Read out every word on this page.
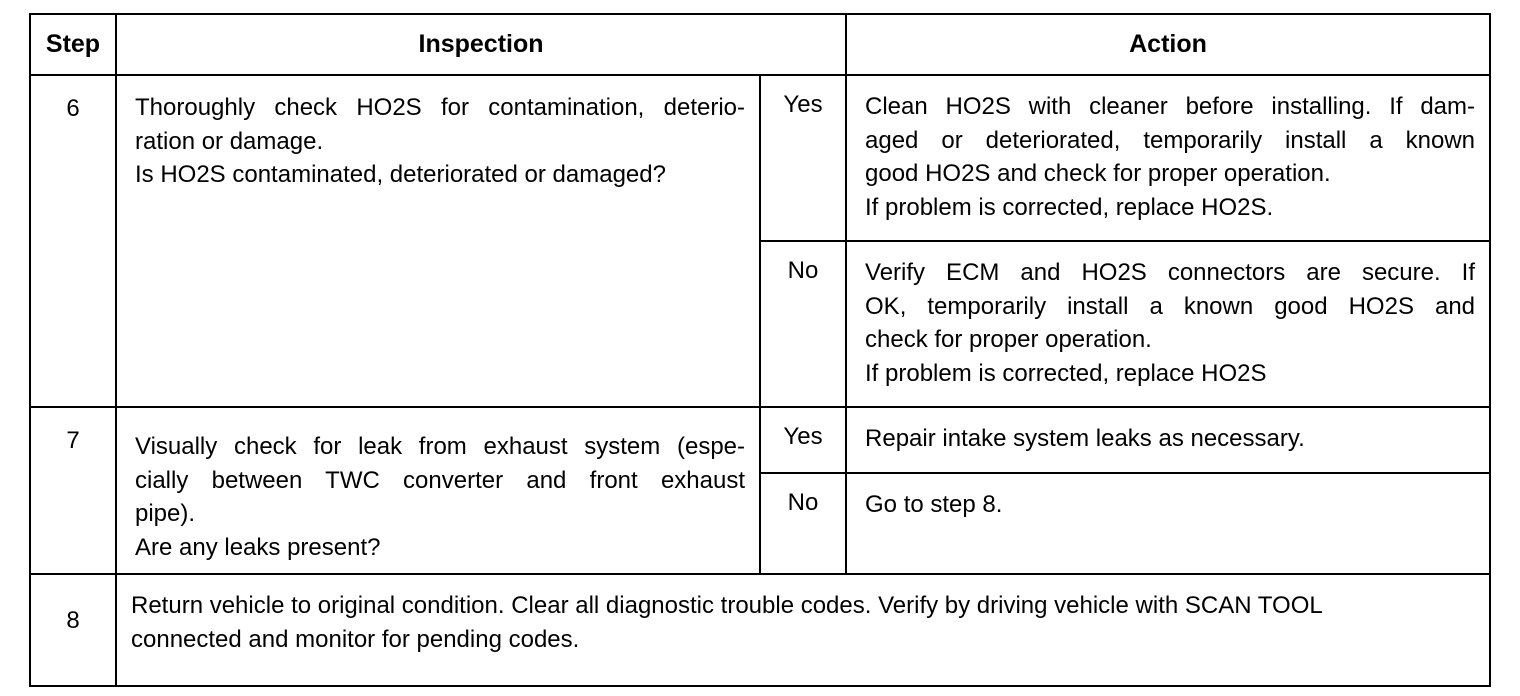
Step	Inspection		Action

6	Thoroughly check HO2S for contamination, deterio-
ration or damage.
Is HO2S contaminated, deteriorated or damaged?	Yes	Clean HO2S with cleaner before installing. If dam-
aged or deteriorated, temporarily install a known
good HO2S and check for proper operation.
If problem is corrected, replace HO2S.

		No	Verify ECM and HO2S connectors are secure. If
OK, temporarily install a known good HO2S and
check for proper operation.
If problem is corrected, replace HO2S

7	Visually check for leak from exhaust system (espe-
cially between TWC converter and front exhaust
pipe).
Are any leaks present?	Yes	Repair intake system leaks as necessary.

		No	Go to step 8.

8	Return vehicle to original condition. Clear all diagnostic trouble codes. Verify by driving vehicle with SCAN TOOL
connected and monitor for pending codes.		
